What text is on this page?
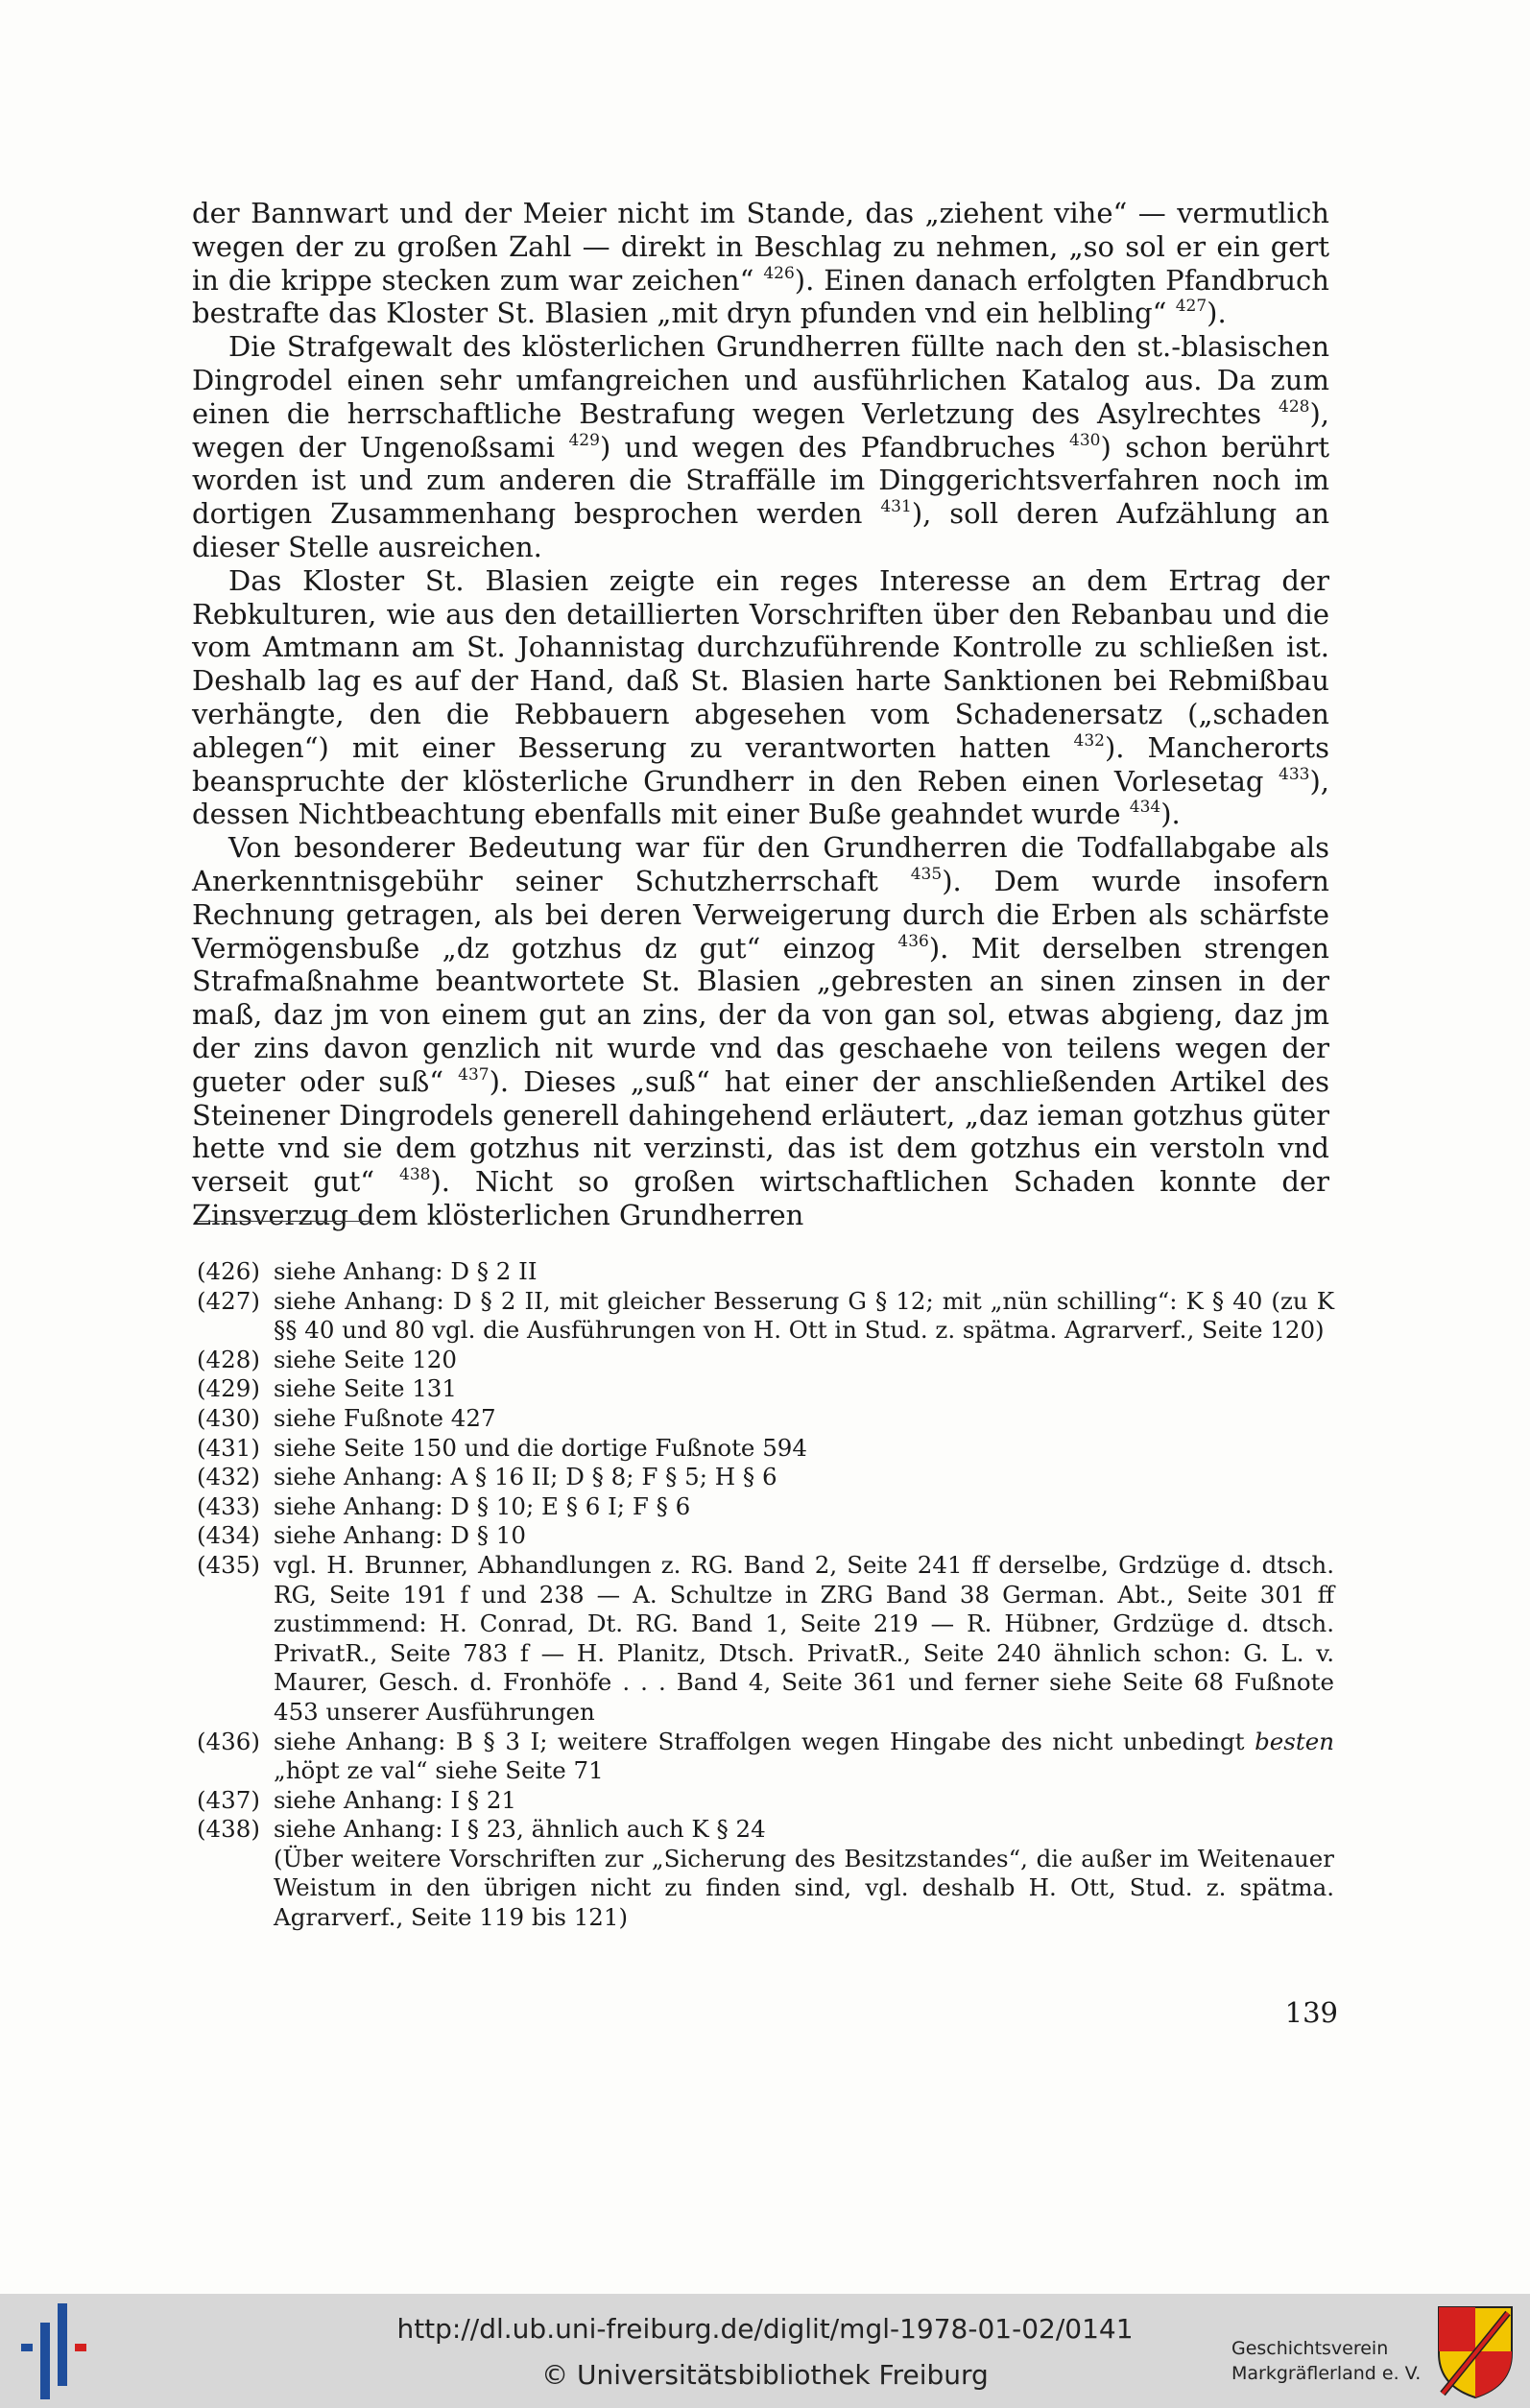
der Bannwart und der Meier nicht im Stande, das „ziehent vihe“ — vermutlich wegen der zu großen Zahl — direkt in Beschlag zu nehmen, „so sol er ein gert in die krippe stecken zum war zeichen“ $^{426}$). Einen danach erfolgten Pfandbruch bestrafte das Kloster St. Blasien „mit dryn pfunden vnd ein helbling“ $^{427}$).

Die Strafgewalt des klösterlichen Grundherren füllte nach den st.-blasischen Dingrodel einen sehr umfangreichen und ausführlichen Katalog aus. Da zum einen die herrschaftliche Bestrafung wegen Verletzung des Asylrechtes $^{428}$), wegen der Ungenoßsami $^{429}$) und wegen des Pfandbruches $^{430}$) schon berührt worden ist und zum anderen die Straffälle im Dinggerichtsverfahren noch im dortigen Zusammenhang besprochen werden $^{431}$), soll deren Aufzählung an dieser Stelle ausreichen.

Das Kloster St. Blasien zeigte ein reges Interesse an dem Ertrag der Rebkulturen, wie aus den detaillierten Vorschriften über den Rebanbau und die vom Amtmann am St. Johannistag durchzuführende Kontrolle zu schließen ist. Deshalb lag es auf der Hand, daß St. Blasien harte Sanktionen bei Rebmißbau verhängte, den die Rebbauern abgesehen vom Schadenersatz („schaden ablegen“) mit einer Besserung zu verantworten hatten $^{432}$). Mancherorts beanspruchte der klösterliche Grundherr in den Reben einen Vorlesetag $^{433}$), dessen Nichtbeachtung ebenfalls mit einer Buße geahndet wurde $^{434}$).

Von besonderer Bedeutung war für den Grundherren die Todfallabgabe als Anerkenntnisgebühr seiner Schutzherrschaft $^{435}$). Dem wurde insofern Rechnung getragen, als bei deren Verweigerung durch die Erben als schärfste Vermögensbuße „dz gotzhus dz gut“ einzog $^{436}$). Mit derselben strengen Strafmaßnahme beantwortete St. Blasien „gebresten an sinen zinsen in der maß, daz jm von einem gut an zins, der da von gan sol, etwas abgieng, daz jm der zins davon genzlich nit wurde vnd das geschaehe von teilens wegen der gueter oder suß“ $^{437}$). Dieses „suß“ hat einer der anschließenden Artikel des Steinener Dingrodels generell dahingehend erläutert, „daz ieman gotzhus güter hette vnd sie dem gotzhus nit verzinsti, das ist dem gotzhus ein verstoln vnd verseit gut“ $^{438}$). Nicht so großen wirtschaftlichen Schaden konnte der Zinsverzug dem klösterlichen Grundherren

(426) siehe Anhang: D § 2 II
(427) siehe Anhang: D § 2 II, mit gleicher Besserung G § 12; mit „nün schilling“: K § 40 (zu K §§ 40 und 80 vgl. die Ausführungen von H. Ott in Stud. z. spätma. Agrarverf., Seite 120)
(428) siehe Seite 120
(429) siehe Seite 131
(430) siehe Fußnote 427
(431) siehe Seite 150 und die dortige Fußnote 594
(432) siehe Anhang: A § 16 II; D § 8; F § 5; H § 6
(433) siehe Anhang: D § 10; E § 6 I; F § 6
(434) siehe Anhang: D § 10
(435) vgl. H. Brunner, Abhandlungen z. RG. Band 2, Seite 241 ff derselbe, Grdzüge d. dtsch. RG, Seite 191 f und 238 — A. Schultze in ZRG Band 38 German. Abt., Seite 301 ff zustimmend: H. Conrad, Dt. RG. Band 1, Seite 219 — R. Hübner, Grdzüge d. dtsch. PrivatR., Seite 783 f — H. Planitz, Dtsch. PrivatR., Seite 240 ähnlich schon: G. L. v. Maurer, Gesch. d. Fronhöfe . . . Band 4, Seite 361 und ferner siehe Seite 68 Fußnote 453 unserer Ausführungen
(436) siehe Anhang: B § 3 I; weitere Straffolgen wegen Hingabe des nicht unbedingt besten „höpt ze val“ siehe Seite 71
(437) siehe Anhang: I § 21
(438) siehe Anhang: I § 23, ähnlich auch K § 24
(Über weitere Vorschriften zur „Sicherung des Besitzstandes“, die außer im Weitenauer Weistum in den übrigen nicht zu finden sind, vgl. deshalb H. Ott, Stud. z. spätma. Agrarverf., Seite 119 bis 121)
139
http://dl.ub.uni-freiburg.de/diglit/mgl-1978-01-02/0141
© Universitätsbibliothek Freiburg
Geschichtsverein
Markgräflerland e. V.
